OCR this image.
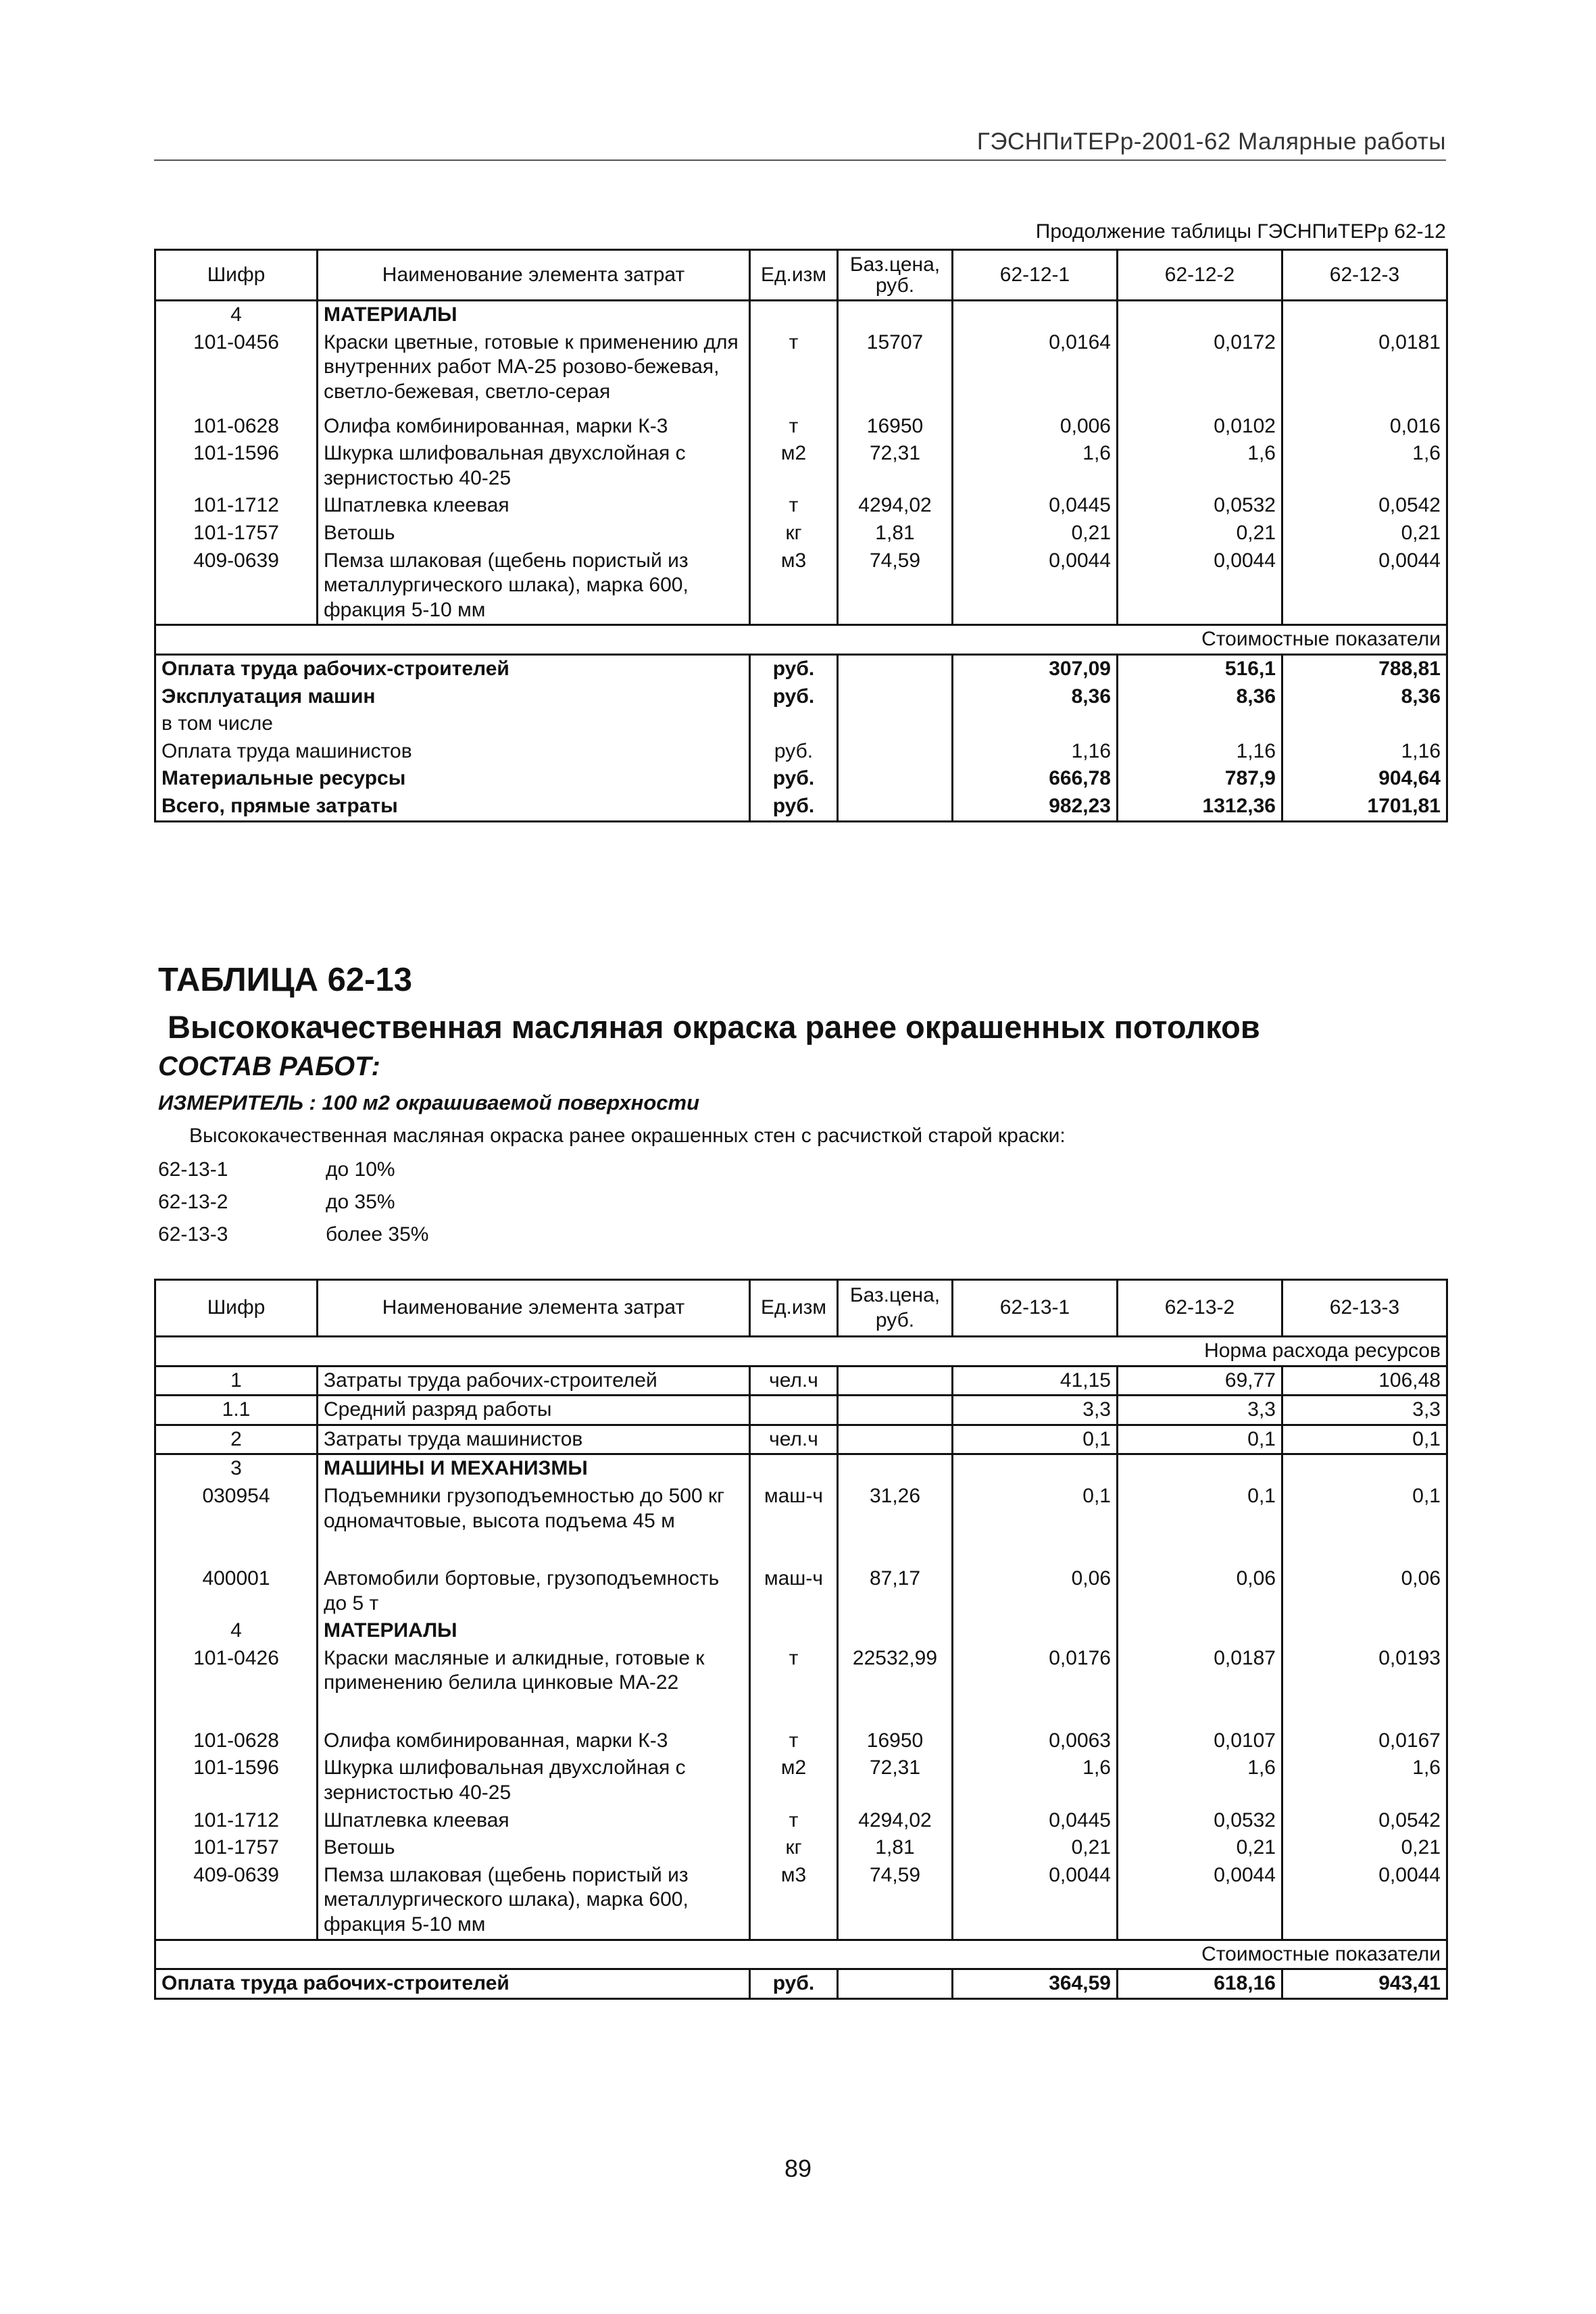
ГЭСНПиТЕРр-2001-62 Малярные работы
Продолжение таблицы ГЭСНПиТЕРр 62-12
Шифр	Наименование элемента затрат	Ед.изм	Баз.цена, руб.	62-12-1	62-12-2	62-12-3
4	МАТЕРИАЛЫ					
101-0456	Краски цветные, готовые к применению для внутренних работ МА-25 розово-бежевая, светло-бежевая, светло-серая	т	15707	0,0164	0,0172	0,0181
101-0628	Олифа комбинированная, марки К-3	т	16950	0,006	0,0102	0,016
101-1596	Шкурка шлифовальная двухслойная с зернистостью 40-25	м2	72,31	1,6	1,6	1,6
101-1712	Шпатлевка клеевая	т	4294,02	0,0445	0,0532	0,0542
101-1757	Ветошь	кг	1,81	0,21	0,21	0,21
409-0639	Пемза шлаковая (щебень пористый из металлургического шлака), марка 600, фракция 5-10 мм	м3	74,59	0,0044	0,0044	0,0044
Стоимостные показатели						
Оплата труда рабочих-строителей		руб.		307,09	516,1	788,81
Эксплуатация машин		руб.		8,36	8,36	8,36
в том числе						
Оплата труда машинистов		руб.		1,16	1,16	1,16
Материальные ресурсы		руб.		666,78	787,9	904,64
Всего, прямые затраты		руб.		982,23	1312,36	1701,81
ТАБЛИЦА 62-13
Высококачественная масляная окраска ранее окрашенных потолков
СОСТАВ РАБОТ:
ИЗМЕРИТЕЛЬ : 100 м2 окрашиваемой поверхности
Высококачественная масляная окраска ранее окрашенных стен с расчисткой старой краски:
62-13-1	до 10%
62-13-2	до 35%
62-13-3	более 35%
Шифр	Наименование элемента затрат	Ед.изм	Баз.цена, руб.	62-13-1	62-13-2	62-13-3
Норма расхода ресурсов						
1	Затраты труда рабочих-строителей	чел.ч		41,15	69,77	106,48
1.1	Средний разряд работы			3,3	3,3	3,3
2	Затраты труда машинистов	чел.ч		0,1	0,1	0,1
3	МАШИНЫ И МЕХАНИЗМЫ					
030954	Подъемники грузоподъемностью до 500 кг одномачтовые, высота подъема 45 м	маш-ч	31,26	0,1	0,1	0,1
400001	Автомобили бортовые, грузоподъемность до 5 т	маш-ч	87,17	0,06	0,06	0,06
4	МАТЕРИАЛЫ					
101-0426	Краски масляные и алкидные, готовые к применению белила цинковые МА-22	т	22532,99	0,0176	0,0187	0,0193
101-0628	Олифа комбинированная, марки К-3	т	16950	0,0063	0,0107	0,0167
101-1596	Шкурка шлифовальная двухслойная с зернистостью 40-25	м2	72,31	1,6	1,6	1,6
101-1712	Шпатлевка клеевая	т	4294,02	0,0445	0,0532	0,0542
101-1757	Ветошь	кг	1,81	0,21	0,21	0,21
409-0639	Пемза шлаковая (щебень пористый из металлургического шлака), марка 600, фракция 5-10 мм	м3	74,59	0,0044	0,0044	0,0044
Стоимостные показатели						
Оплата труда рабочих-строителей		руб.		364,59	618,16	943,41
89
